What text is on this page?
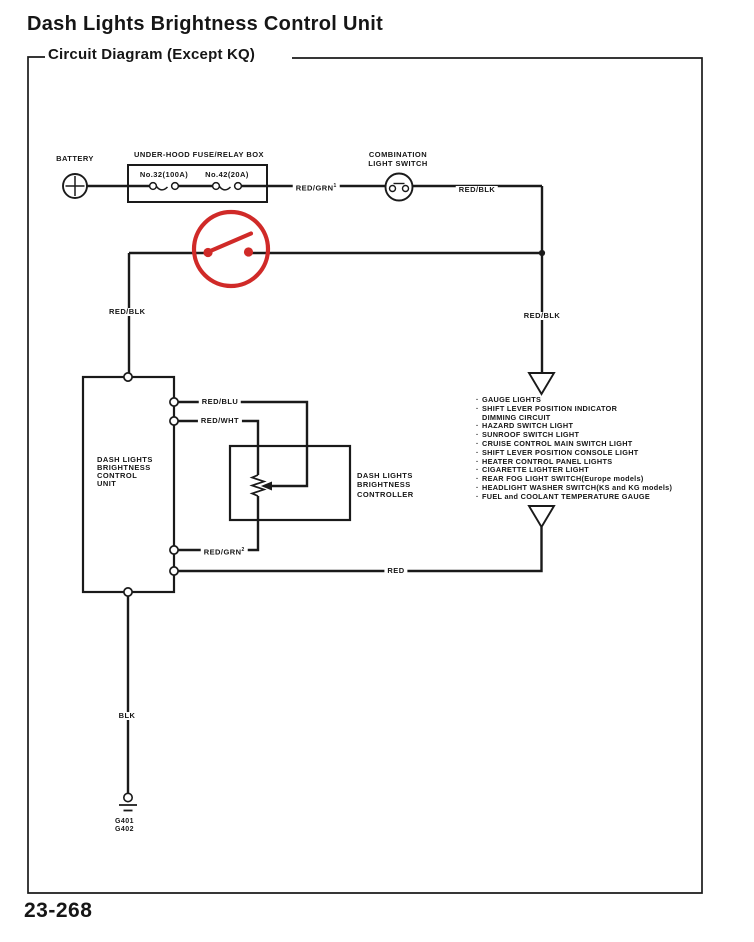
Dash Lights Brightness Control Unit
Circuit Diagram (Except KQ)
BATTERY	UNDER-HOOD FUSE/RELAY BOX
No.32(100A) No.42(20A)
COMBINATION
LIGHT SWITCH
RED/GRN$^1$	RED/BLK
RED/BLK	RED/BLK
RED/BLU
RED/WHT
RED/GRN$^2$
RED
BLK
DASH LIGHTS
BRIGHTNESS
CONTROL
UNIT
DASH LIGHTS
BRIGHTNESS
CONTROLLER
·
GAUGE LIGHTS
·
SHIFT LEVER POSITION INDICATOR
DIMMING CIRCUIT
·
HAZARD SWITCH LIGHT
·
SUNROOF SWITCH LIGHT
·
CRUISE CONTROL MAIN SWITCH LIGHT
·
SHIFT LEVER POSITION CONSOLE LIGHT
·
HEATER CONTROL PANEL LIGHTS
·
CIGARETTE LIGHTER LIGHT
·
REAR FOG LIGHT SWITCH(Europe models)
·
HEADLIGHT WASHER SWITCH(KS and KG models)
·
FUEL and COOLANT TEMPERATURE GAUGE
G401
G402
23-268
